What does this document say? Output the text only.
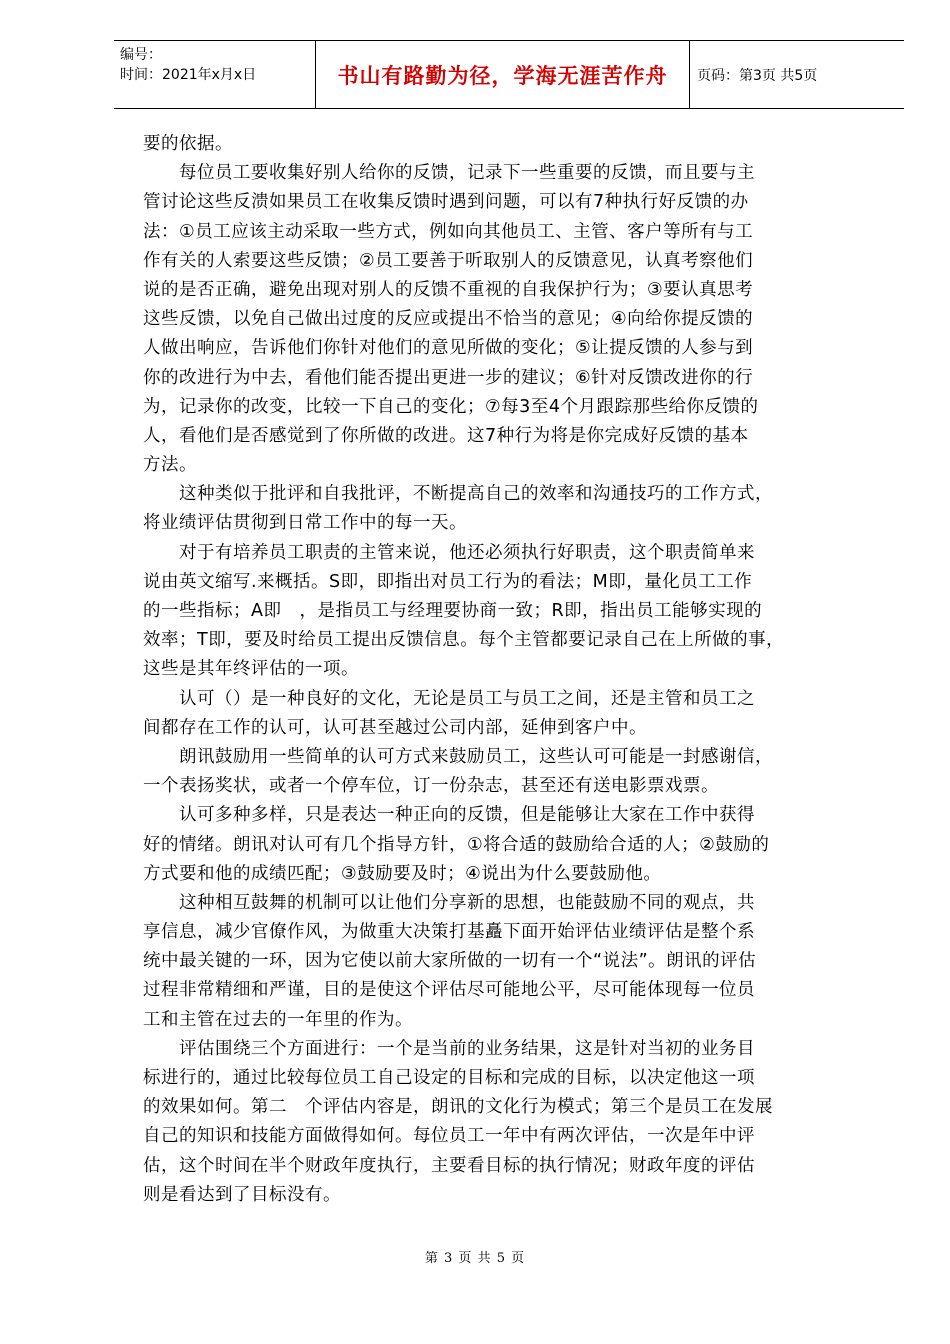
编号：
时间：2021年x月x日	书山有路勤为径，学海无涯苦作舟 页码：第3页 共5页
要的依据。
　　每位员工要收集好别人给你的反馈，记录下一些重要的反馈，而且要与主
管讨论这些反溃如果员工在收集反馈时遇到问题，可以有7种执行好反馈的办
法：①员工应该主动采取一些方式，例如向其他员工、主管、客户等所有与工
作有关的人索要这些反馈；②员工要善于听取别人的反馈意见，认真考察他们
说的是否正确，避免出现对别人的反馈不重视的自我保护行为；③要认真思考
这些反馈，以免自己做出过度的反应或提出不恰当的意见；④向给你提反馈的
人做出响应，告诉他们你针对他们的意见所做的变化；⑤让提反馈的人参与到
你的改进行为中去，看他们能否提出更进一步的建议；⑥针对反馈改进你的行
为，记录你的改变，比较一下自己的变化；⑦每3至4个月跟踪那些给你反馈的
人，看他们是否感觉到了你所做的改进。这7种行为将是你完成好反馈的基本
方法。
　　这种类似于批评和自我批评，不断提高自己的效率和沟通技巧的工作方式，
将业绩评估贯彻到日常工作中的每一天。
　　对于有培养员工职责的主管来说，他还必须执行好职责，这个职责简单来
说由英文缩写.来概括。S即，即指出对员工行为的看法；M即，量化员工工作
的一些指标；A即　，是指员工与经理要协商一致；R即，指出员工能够实现的
效率；T即，要及时给员工提出反馈信息。每个主管都要记录自己在上所做的事，
这些是其年终评估的一项。
　　认可（）是一种良好的文化，无论是员工与员工之间，还是主管和员工之
间都存在工作的认可，认可甚至越过公司内部，延伸到客户中。
　　朗讯鼓励用一些简单的认可方式来鼓励员工，这些认可可能是一封感谢信，
一个表扬奖状，或者一个停车位，订一份杂志，甚至还有送电影票戏票。
　　认可多种多样，只是表达一种正向的反馈，但是能够让大家在工作中获得
好的情绪。朗讯对认可有几个指导方针，①将合适的鼓励给合适的人；②鼓励的
方式要和他的成绩匹配；③鼓励要及时；④说出为什么要鼓励他。
　　这种相互鼓舞的机制可以让他们分享新的思想，也能鼓励不同的观点，共
享信息，减少官僚作风，为做重大决策打基矗下面开始评估业绩评估是整个系
统中最关键的一环，因为它使以前大家所做的一切有一个“说法”。朗讯的评估
过程非常精细和严谨，目的是使这个评估尽可能地公平，尽可能体现每一位员
工和主管在过去的一年里的作为。
　　评估围绕三个方面进行：一个是当前的业务结果，这是针对当初的业务目
标进行的，通过比较每位员工自己设定的目标和完成的目标，以决定他这一项
的效果如何。第二　个评估内容是，朗讯的文化行为模式；第三个是员工在发展
自己的知识和技能方面做得如何。每位员工一年中有两次评估，一次是年中评
估，这个时间在半个财政年度执行，主要看目标的执行情况；财政年度的评估
则是看达到了目标没有。
第 3 页 共 5 页
